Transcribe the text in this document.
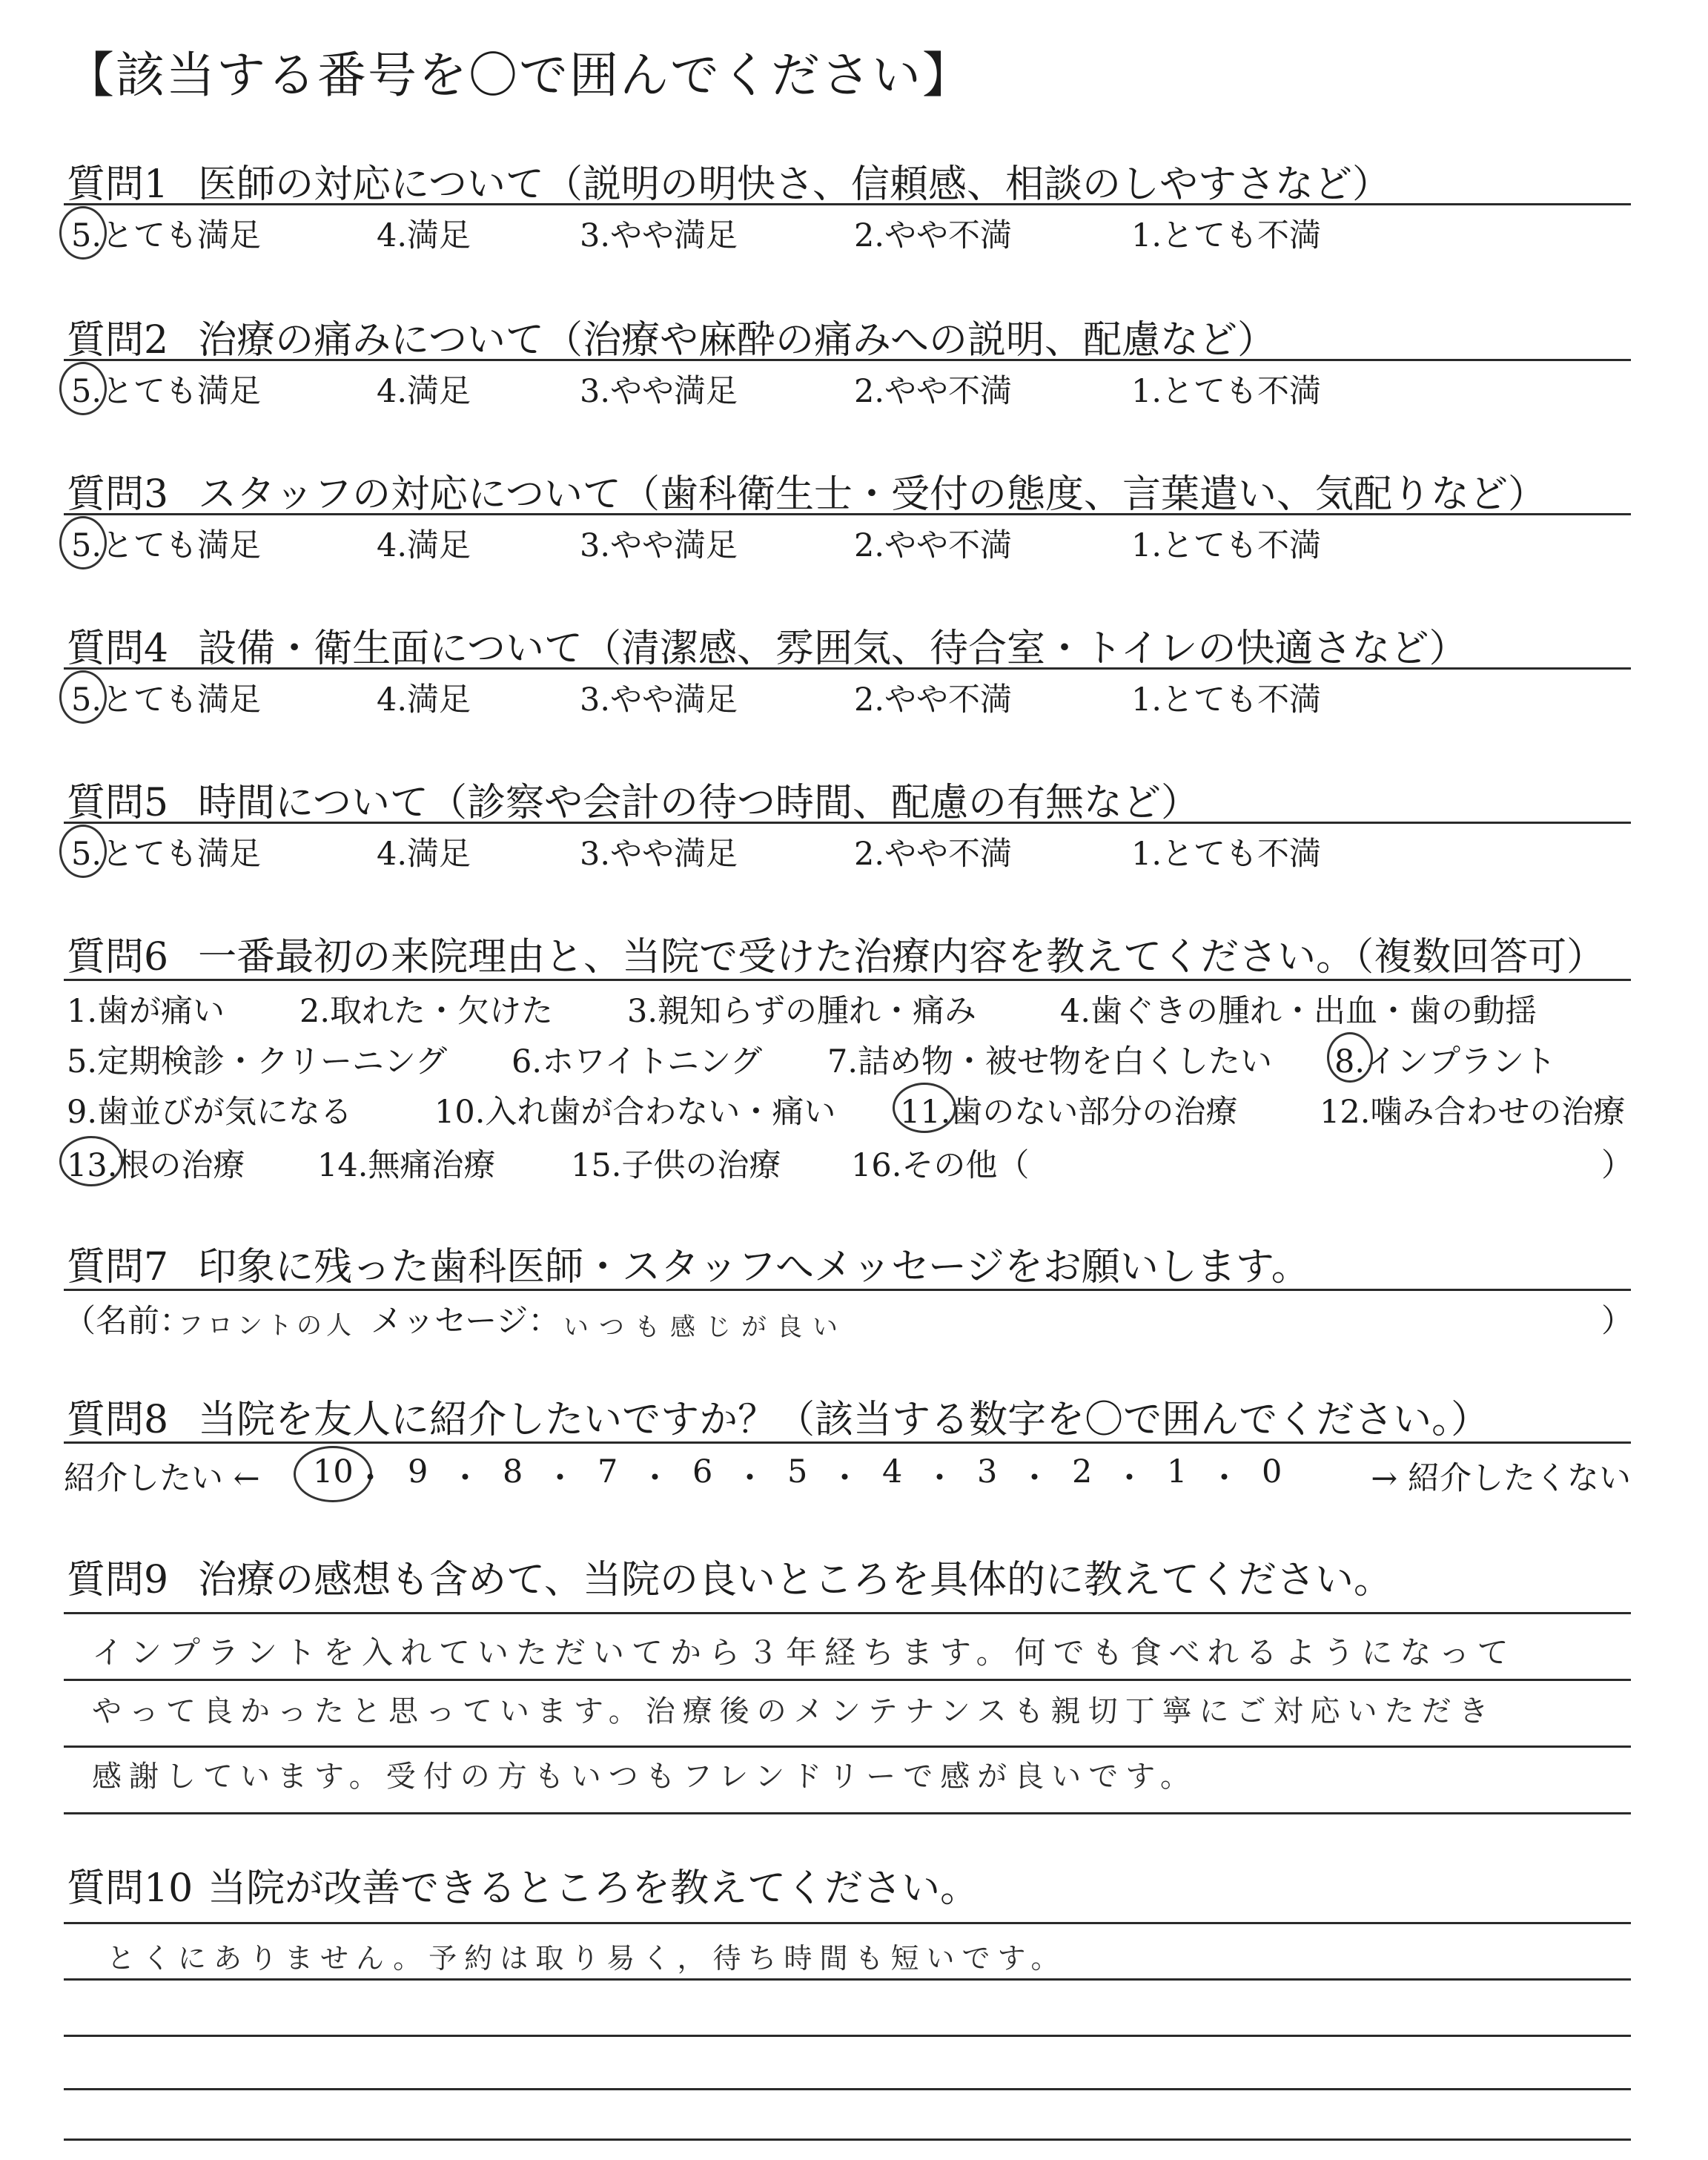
【該当する番号を〇で囲んでください】
質問1 医師の対応について（説明の明快さ、信頼感、相談のしやすさなど）
5.とても満足	4.満足	3.やや満足	2.やや不満	1.とても不満
質問2 治療の痛みについて（治療や麻酔の痛みへの説明、配慮など）
5.とても満足	4.満足	3.やや満足	2.やや不満	1.とても不満
質問3 スタッフの対応について（歯科衛生士・受付の態度、言葉遣い、気配りなど）
5.とても満足	4.満足	3.やや満足	2.やや不満	1.とても不満
質問4 設備・衛生面について（清潔感、雰囲気、待合室・トイレの快適さなど）
5.とても満足	4.満足	3.やや満足	2.やや不満	1.とても不満
質問5 時間について（診察や会計の待つ時間、配慮の有無など）
5.とても満足	4.満足	3.やや満足	2.やや不満	1.とても不満
質問6 一番最初の来院理由と、当院で受けた治療内容を教えてください。（複数回答可）
1.歯が痛い 2.取れた・欠けた 3.親知らずの腫れ・痛み	4.歯ぐきの腫れ・出血・歯の動揺
5.定期検診・クリーニング 6.ホワイトニング 7.詰め物・被せ物を白くしたい 8.インプラント
9.歯並びが気になる	10.入れ歯が合わない・痛い 11.歯のない部分の治療	12.噛み合わせの治療
13.根の治療 14.無痛治療 15.子供の治療 16.その他（	）
質問7 印象に残った歯科医師・スタッフへメッセージをお願いします。
（名前：
フロントの人 メッセージ： いつも感じが良い	）
質問8 当院を友人に紹介したいですか？（該当する数字を〇で囲んでください。）
紹介したい ←	→ 紹介したくない
10 ・ 9 ・ 8 ・ 7 ・ 6 ・ 5 ・ 4 ・ 3 ・ 2 ・ 1 ・ 0
質問9 治療の感想も含めて、当院の良いところを具体的に教えてください。
インプラントを入れていただいてから３年経ちます。何でも食べれるようになって
やって良かったと思っています。治療後のメンテナンスも親切丁寧にご対応いただき
感謝しています。受付の方もいつもフレンドリーで感が良いです。
質問10 当院が改善できるところを教えてください。
とくにありません。予約は取り易く，待ち時間も短いです。
